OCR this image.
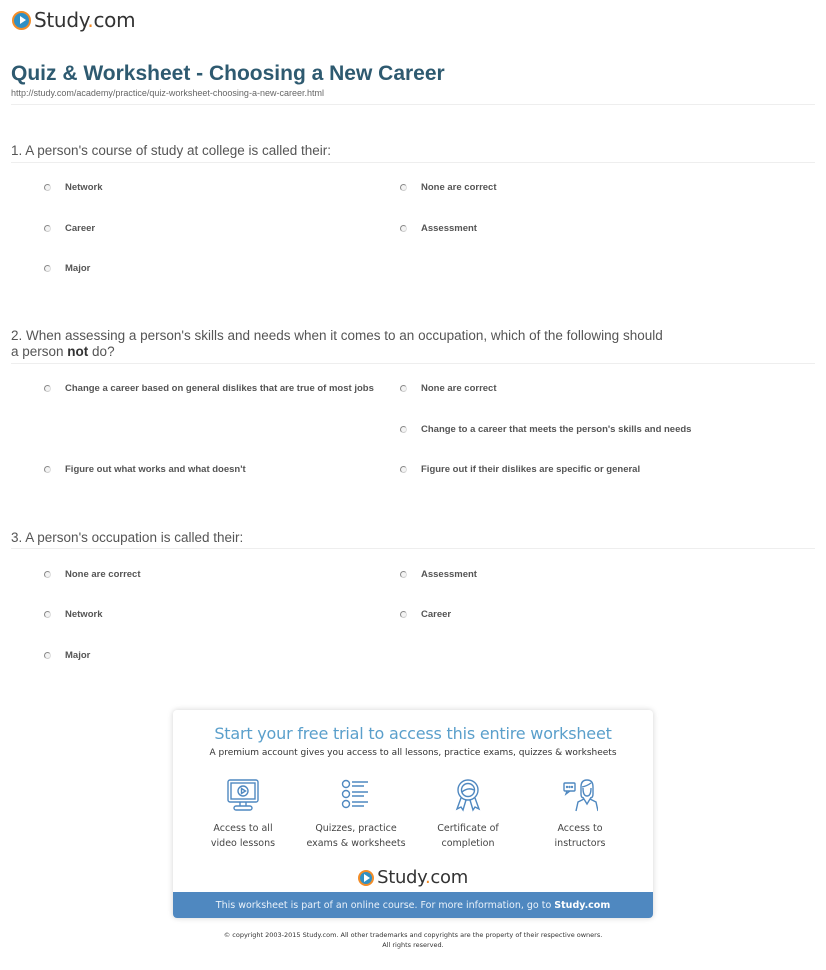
Study.com
Quiz & Worksheet - Choosing a New Career
http://study.com/academy/practice/quiz-worksheet-choosing-a-new-career.html
1. A person's course of study at college is called their:
Network	None are correct
Career	Assessment
Major
2. When assessing a person's skills and needs when it comes to an occupation, which of the following should a person not do?
Change a career based on general dislikes that are true of most jobs	None are correct
Change to a career that meets the person's skills and needs
Figure out what works and what doesn't	Figure out if their dislikes are specific or general
3. A person's occupation is called their:
None are correct	Assessment
Network	Career
Major
Start your free trial to access this entire worksheet
A premium account gives you access to all lessons, practice exams, quizzes & worksheets
Access to all
video lessons
Quizzes, practice
exams & worksheets
Certificate of
completion
Access to
instructors
Study.com
This worksheet is part of an online course. For more information, go to Study.com
© copyright 2003-2015 Study.com. All other trademarks and copyrights are the property of their respective owners.
All rights reserved.
